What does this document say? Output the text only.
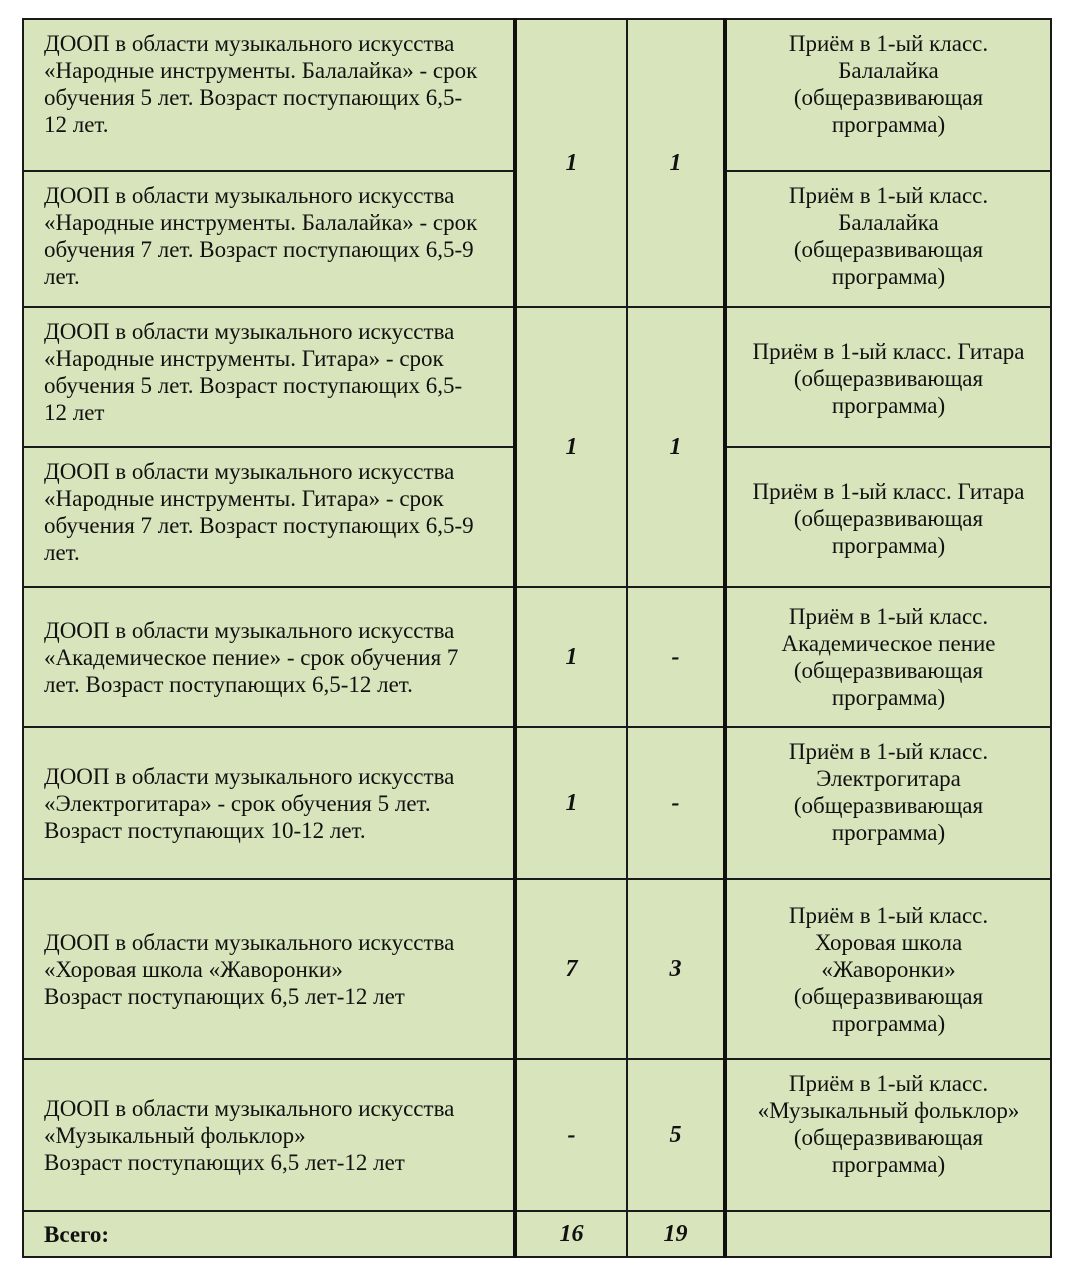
ДООП в области музыкального искусства
«Народные инструменты. Балалайка» - срок
обучения 5 лет. Возраст поступающих 6,5-
12 лет.	1	1	Приём в 1-ый класс.
Балалайка
(общеразвивающая
программа)

ДООП в области музыкального искусства
«Народные инструменты. Балалайка» - срок
обучения 7 лет. Возраст поступающих 6,5-9
лет.			Приём в 1-ый класс.
Балалайка
(общеразвивающая
программа)

ДООП в области музыкального искусства
«Народные инструменты. Гитара» - срок
обучения 5 лет. Возраст поступающих 6,5-
12 лет	1	1	Приём в 1-ый класс. Гитара
(общеразвивающая
программа)

ДООП в области музыкального искусства
«Народные инструменты. Гитара» - срок
обучения 7 лет. Возраст поступающих 6,5-9
лет.			Приём в 1-ый класс. Гитара
(общеразвивающая
программа)

ДООП в области музыкального искусства
«Академическое пение» - срок обучения 7
лет. Возраст поступающих 6,5-12 лет.	1	-	Приём в 1-ый класс.
Академическое пение
(общеразвивающая
программа)

ДООП в области музыкального искусства
«Электрогитара» - срок обучения 5 лет.
Возраст поступающих 10-12 лет.	1	-	Приём в 1-ый класс.
Электрогитара
(общеразвивающая
программа)

ДООП в области музыкального искусства
«Хоровая школа «Жаворонки»
Возраст поступающих 6,5 лет-12 лет	7	3	Приём в 1-ый класс.
Хоровая школа
«Жаворонки»
(общеразвивающая
программа)

ДООП в области музыкального искусства
«Музыкальный фольклор»
Возраст поступающих 6,5 лет-12 лет	-	5	Приём в 1-ый класс.
«Музыкальный фольклор»
(общеразвивающая
программа)

Всего:	16	19	
